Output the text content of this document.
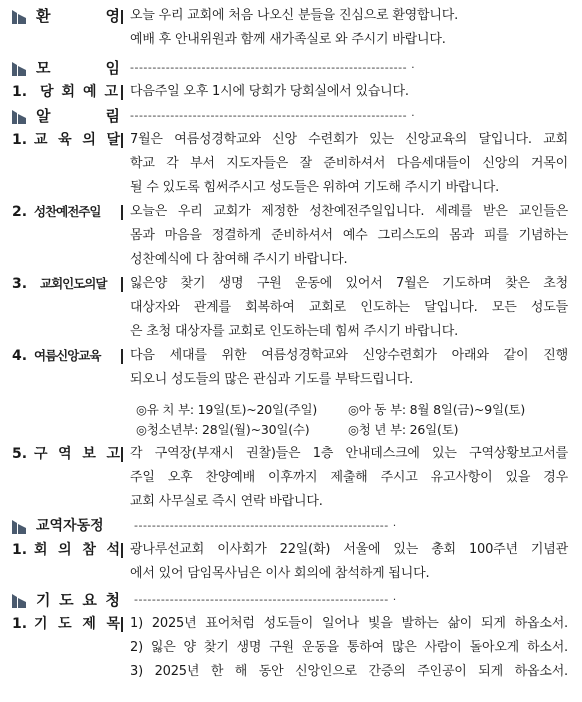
환	영 오늘 우리 교회에 처음 나오신 분들을 진심으로 환영합니다.
예배 후 안내위원과 함께 새가족실로 와 주시기 바랍니다.
모	임 -------------------------------------------------------------- ·
1. 당 회 예 고 다음주일 오후 1시에 당회가 당회실에서 있습니다.
알	림 -------------------------------------------------------------- ·
1. 교 육 의 달 7월은 여름성경학교와 신앙 수련회가 있는 신앙교육의 달입니다. 교회
학교 각 부서 지도자들은 잘 준비하셔서 다음세대들이 신앙의 거목이
될 수 있도록 힘써주시고 성도들은 위하여 기도해 주시기 바랍니다.
2. 성찬예전주일	오늘은 우리 교회가 제정한 성찬예전주일입니다. 세례를 받은 교인들은
몸과 마음을 정결하게 준비하셔서 예수 그리스도의 몸과 피를 기념하는
성찬예식에 다 참여해 주시기 바랍니다.
3. 교회인도의달	잃은양 찾기 생명 구원 운동에 있어서 7월은 기도하며 찾은 초청
대상자와 관계를 회복하여 교회로 인도하는 달입니다. 모든 성도들
은 초청 대상자를 교회로 인도하는데 힘써 주시기 바랍니다.
4. 여름신앙교육	다음 세대를 위한 여름성경학교와 신앙수련회가 아래와 같이 진행
되오니 성도들의 많은 관심과 기도를 부탁드립니다.
◎유 치 부: 19일(토)~20일(주일)	◎아 동 부: 8월 8일(금)~9일(토)
◎청소년부: 28일(월)~30일(수)	◎청 년 부: 26일(토)
5. 구 역 보 고 각 구역장(부재시 권찰)들은 1층 안내데스크에 있는 구역상황보고서를
주일 오후 찬양예배 이후까지 제출해 주시고 유고사항이 있을 경우
교회 사무실로 즉시 연락 바랍니다.
교역자동정	--------------------------------------------------------- ·
1. 회 의 참 석 광나루선교회 이사회가 22일(화) 서울에 있는 총회 100주년 기념관
에서 있어 담임목사님은 이사 회의에 참석하게 됩니다.
기 도 요 청 --------------------------------------------------------- ·
1. 기 도 제 목 1) 2025년 표어처럼 성도들이 일어나 빛을 발하는 삶이 되게 하옵소서.
2) 잃은 양 찾기 생명 구원 운동을 통하여 많은 사람이 돌아오게 하소서.
3) 2025년 한 해 동안 신앙인으로 간증의 주인공이 되게 하옵소서.
